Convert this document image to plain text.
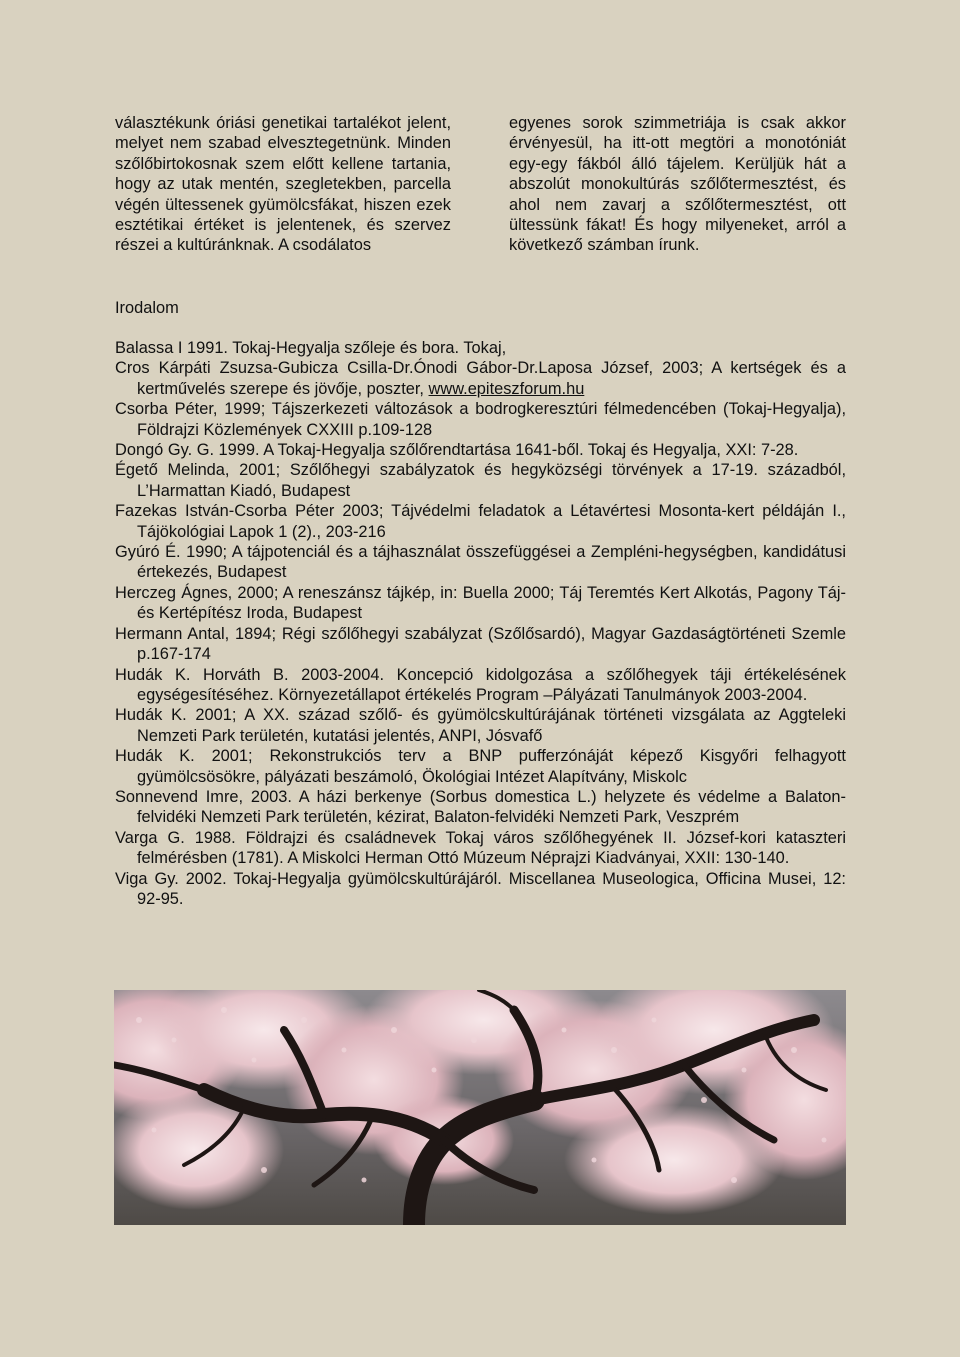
választékunk óriási genetikai tartalékot jelent, melyet nem szabad elvesztegetnünk. Minden szőlőbirtokosnak szem előtt kellene tartania, hogy az utak mentén, szegletekben, parcella végén ültessenek gyümölcsfákat, hiszen ezek esztétikai értéket is jelentenek, és szervez részei a kultúránknak. A csodálatos
egyenes sorok szimmetriája is csak akkor érvényesül, ha itt-ott megtöri a monotóniát egy-egy fákból álló tájelem. Kerüljük hát a abszolút monokultúrás szőlőtermesztést, és ahol nem zavarj a szőlőtermesztést, ott ültessünk fákat! És hogy milyeneket, arról a következő számban írunk.
Irodalom

Balassa I 1991. Tokaj-Hegyalja szőleje és bora. Tokaj,

Cros Kárpáti Zsuzsa-Gubicza Csilla-Dr.Ónodi Gábor-Dr.Laposa József, 2003; A kertségek és a kertművelés szerepe és jövője, poszter, www.epiteszforum.hu

Csorba Péter, 1999; Tájszerkezeti változások a bodrogkeresztúri félmedencében (Tokaj-Hegyalja), Földrajzi Közlemények CXXIII p.109-128

Dongó Gy. G. 1999. A Tokaj-Hegyalja szőlőrendtartása 1641-ből. Tokaj és Hegyalja, XXI: 7-28.

Égető Melinda, 2001; Szőlőhegyi szabályzatok és hegyközségi törvények a 17-19. századból, L’Harmattan Kiadó, Budapest

Fazekas István-Csorba Péter 2003; Tájvédelmi feladatok a Létavértesi Mosonta-kert példáján I., Tájökológiai Lapok 1 (2)., 203-216

Gyúró É. 1990; A tájpotenciál és a tájhasználat összefüggései a Zempléni-hegységben, kandidátusi értekezés, Budapest

Herczeg Ágnes, 2000; A reneszánsz tájkép, in: Buella 2000; Táj Teremtés Kert Alkotás, Pagony Táj- és Kertépítész Iroda, Budapest

Hermann Antal, 1894; Régi szőlőhegyi szabályzat (Szőlősardó), Magyar Gazdaságtörténeti Szemle p.167-174

Hudák K. Horváth B. 2003-2004. Koncepció kidolgozása a szőlőhegyek táji értékelésének egységesítéséhez. Környezetállapot értékelés Program –Pályázati Tanulmányok 2003-2004.

Hudák K. 2001; A XX. század szőlő- és gyümölcskultúrájának történeti vizsgálata az Aggteleki Nemzeti Park területén, kutatási jelentés, ANPI, Jósvafő

Hudák K. 2001; Rekonstrukciós terv a BNP pufferzónáját képező Kisgyőri felhagyott gyümölcsösökre, pályázati beszámoló, Ökológiai Intézet Alapítvány, Miskolc

Sonnevend Imre, 2003. A házi berkenye (Sorbus domestica L.) helyzete és védelme a Balaton-felvidéki Nemzeti Park területén, kézirat, Balaton-felvidéki Nemzeti Park, Veszprém

Varga G. 1988. Földrajzi és családnevek Tokaj város szőlőhegyének II. József-kori kataszteri felmérésben (1781). A Miskolci Herman Ottó Múzeum Néprajzi Kiadványai, XXII: 130-140.

Viga Gy. 2002. Tokaj-Hegyalja gyümölcskultúrájáról. Miscellanea Museologica, Officina Musei, 12: 92-95.
